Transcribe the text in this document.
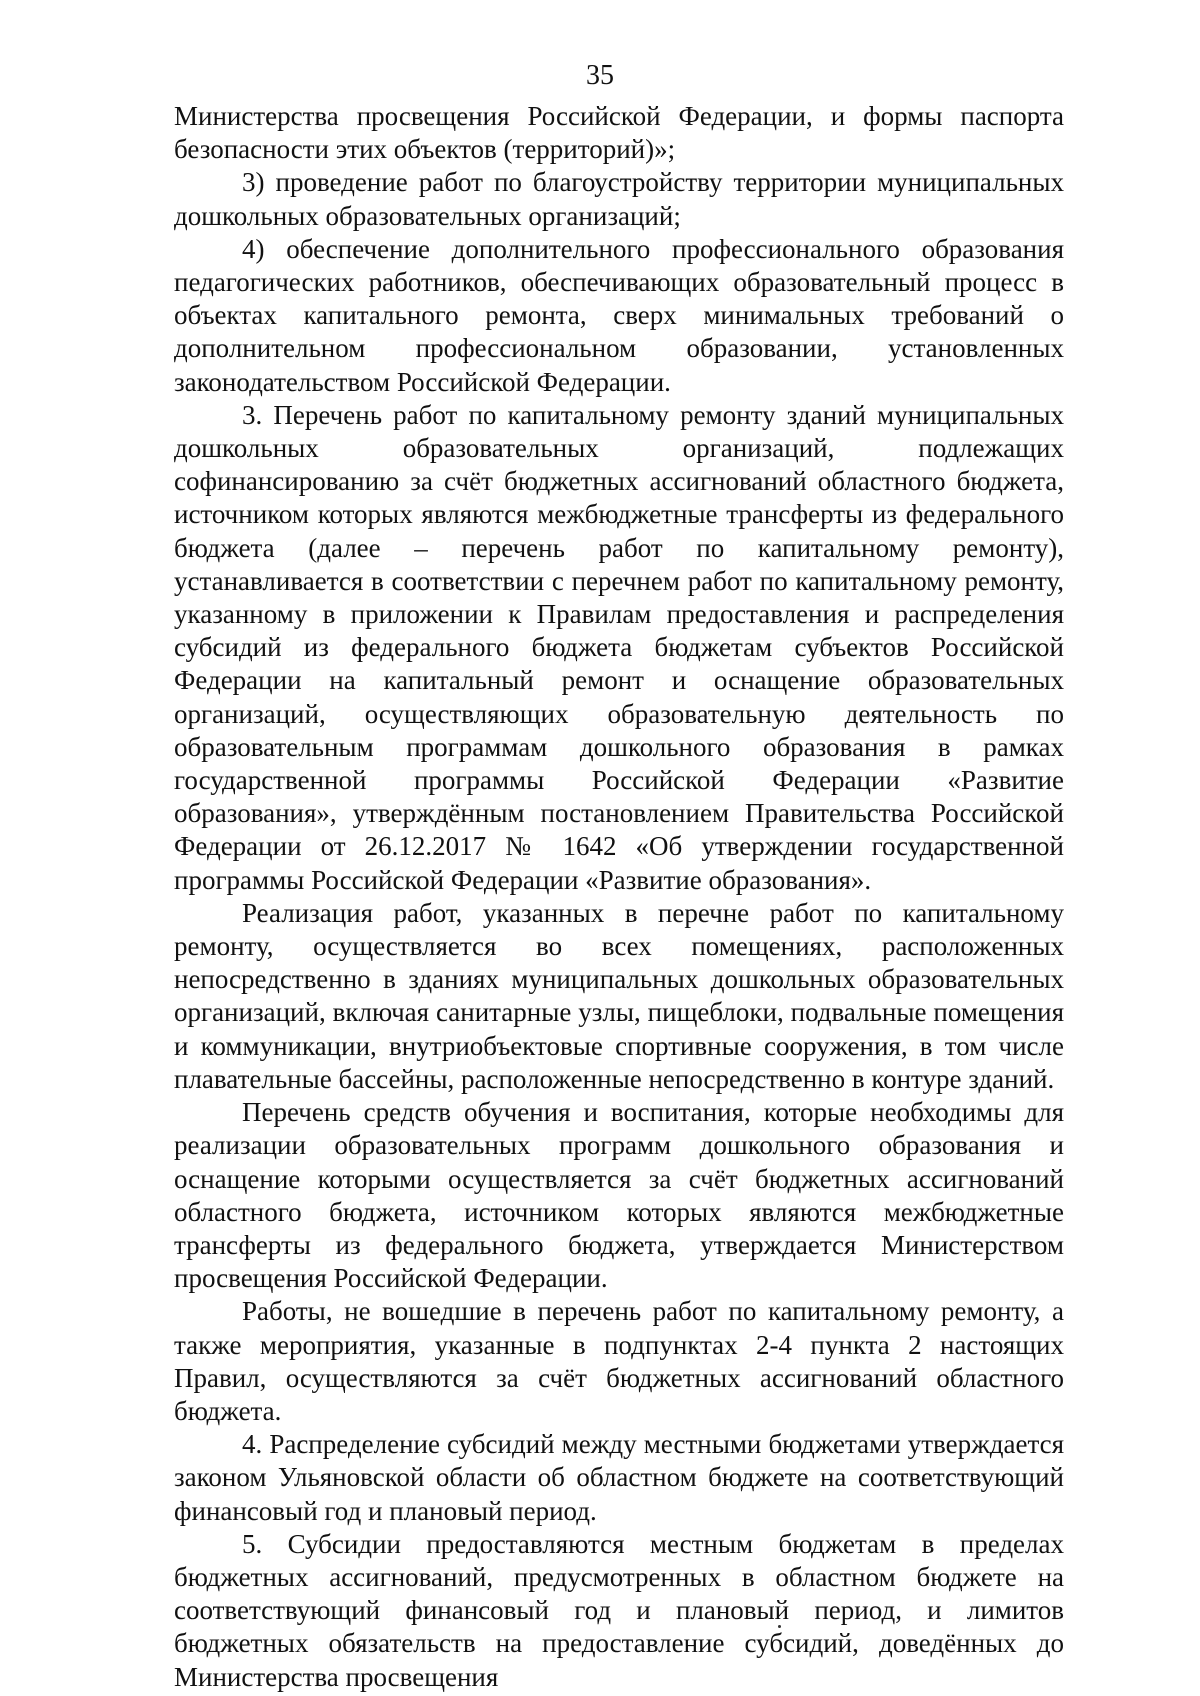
35

Министерства просвещения Российской Федерации, и формы паспорта безопасности этих объектов (территорий)»;

3) проведение работ по благоустройству территории муниципальных дошкольных образовательных организаций;

4) обеспечение дополнительного профессионального образования педагогических работников, обеспечивающих образовательный процесс в объектах капитального ремонта, сверх минимальных требований о дополнительном профессиональном образовании, установленных законодательством Российской Федерации.

3. Перечень работ по капитальному ремонту зданий муниципальных дошкольных образовательных организаций, подлежащих софинансированию за счёт бюджетных ассигнований областного бюджета, источником которых являются межбюджетные трансферты из федерального бюджета (далее – перечень работ по капитальному ремонту), устанавливается в соответствии с перечнем работ по капитальному ремонту, указанному в приложении к Правилам предоставления и распределения субсидий из федерального бюджета бюджетам субъектов Российской Федерации на капитальный ремонт и оснащение образовательных организаций, осуществляющих образовательную деятельность по образовательным программам дошкольного образования в рамках государственной программы Российской Федерации «Развитие образования», утверждённым постановлением Правительства Российской Федерации от 26.12.2017 № 1642 «Об утверждении государственной программы Российской Федерации «Развитие образования».

Реализация работ, указанных в перечне работ по капитальному ремонту, осуществляется во всех помещениях, расположенных непосредственно в зданиях муниципальных дошкольных образовательных организаций, включая санитарные узлы, пищеблоки, подвальные помещения и коммуникации, внутриобъектовые спортивные сооружения, в том числе плавательные бассейны, расположенные непосредственно в контуре зданий.

Перечень средств обучения и воспитания, которые необходимы для реализации образовательных программ дошкольного образования и оснащение которыми осуществляется за счёт бюджетных ассигнований областного бюджета, источником которых являются межбюджетные трансферты из федерального бюджета, утверждается Министерством просвещения Российской Федерации.

Работы, не вошедшие в перечень работ по капитальному ремонту, а также мероприятия, указанные в подпунктах 2-4 пункта 2 настоящих Правил, осуществляются за счёт бюджетных ассигнований областного бюджета.

4. Распределение субсидий между местными бюджетами утверждается законом Ульяновской области об областном бюджете на соответствующий финансовый год и плановый период.

5. Субсидии предоставляются местным бюджетам в пределах бюджетных ассигнований, предусмотренных в областном бюджете на соответствующий финансовый год и плановый период, и лимитов бюджетных обязательств на предоставление субсидий, доведённых до Министерства просвещения
